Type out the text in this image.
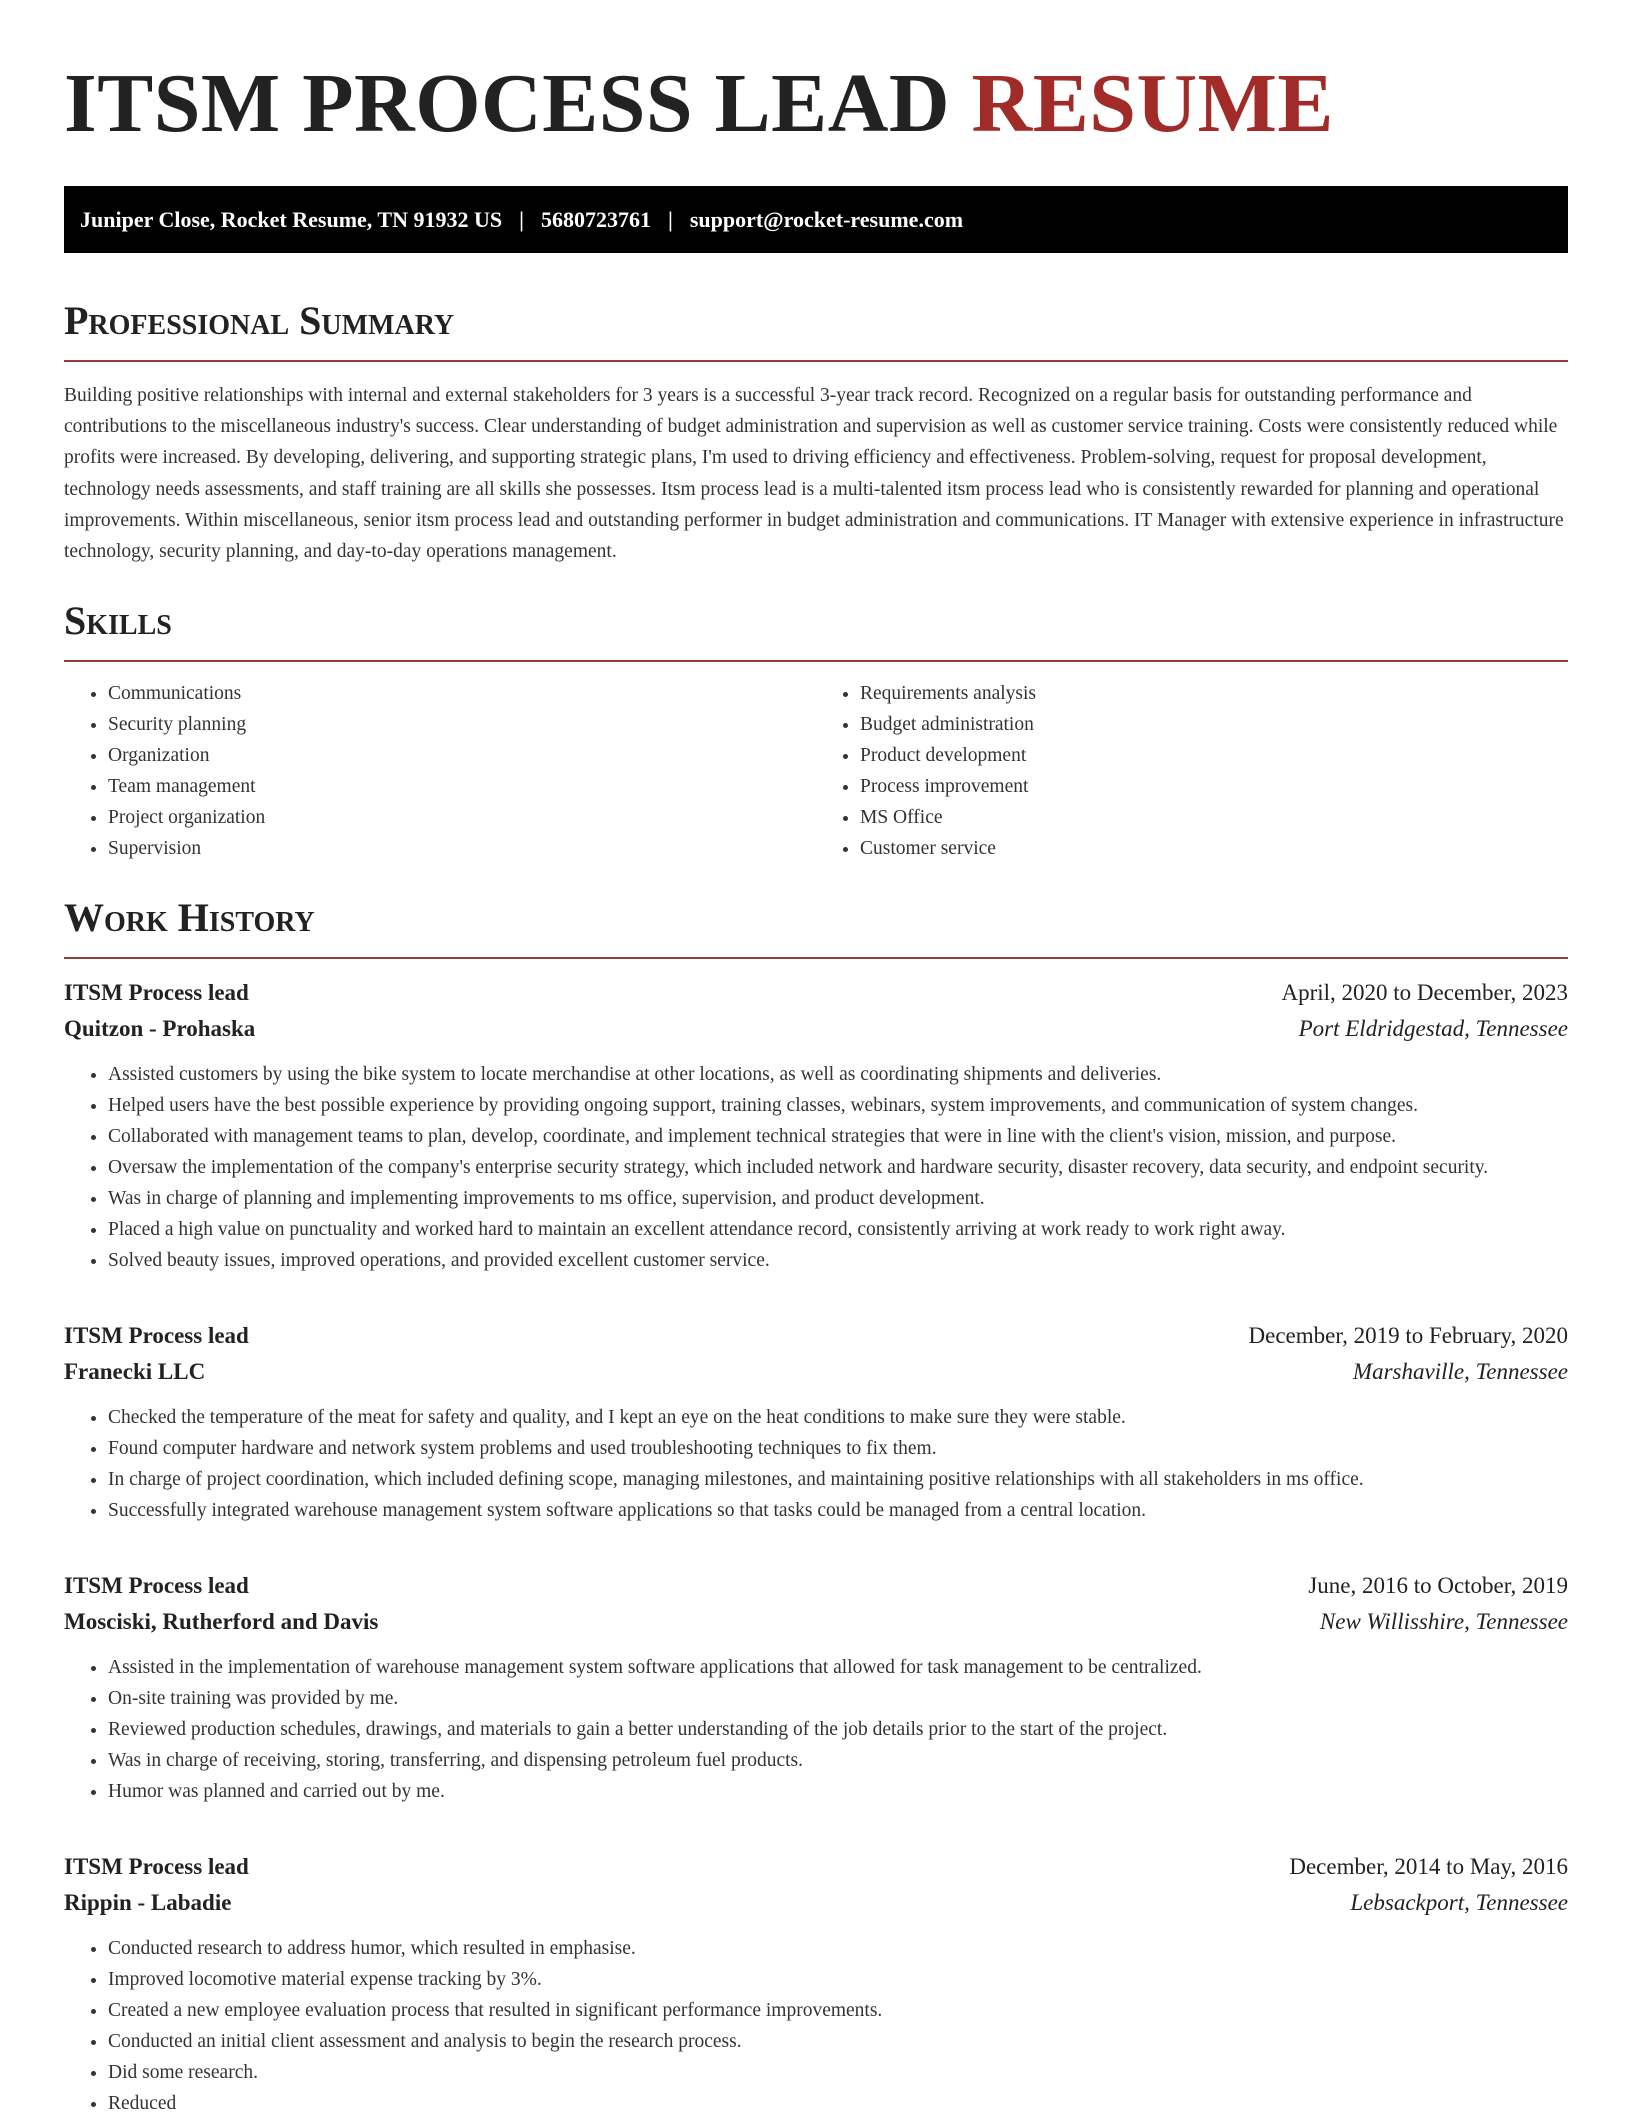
ITSM PROCESS LEAD RESUME
Juniper Close, Rocket Resume, TN 91932 US | 5680723761 | support@rocket-resume.com
Professional Summary

Building positive relationships with internal and external stakeholders for 3 years is a successful 3-year track record. Recognized on a regular basis for outstanding performance and contributions to the miscellaneous industry's success. Clear understanding of budget administration and supervision as well as customer service training. Costs were consistently reduced while profits were increased. By developing, delivering, and supporting strategic plans, I'm used to driving efficiency and effectiveness. Problem-solving, request for proposal development, technology needs assessments, and staff training are all skills she possesses. Itsm process lead is a multi-talented itsm process lead who is consistently rewarded for planning and operational improvements. Within miscellaneous, senior itsm process lead and outstanding performer in budget administration and communications. IT Manager with extensive experience in infrastructure technology, security planning, and day-to-day operations management.

Skills
• Communications
• Security planning
• Organization
• Team management
• Project organization
• Supervision
• Requirements analysis
• Budget administration
• Product development
• Process improvement
• MS Office
• Customer service
Work History
ITSM Process lead	April, 2020 to December, 2023
Quitzon - Prohaska	Port Eldridgestad, Tennessee
• Assisted customers by using the bike system to locate merchandise at other locations, as well as coordinating shipments and deliveries.
• Helped users have the best possible experience by providing ongoing support, training classes, webinars, system improvements, and communication of system changes.
• Collaborated with management teams to plan, develop, coordinate, and implement technical strategies that were in line with the client's vision, mission, and purpose.
• Oversaw the implementation of the company's enterprise security strategy, which included network and hardware security, disaster recovery, data security, and endpoint security.
• Was in charge of planning and implementing improvements to ms office, supervision, and product development.
• Placed a high value on punctuality and worked hard to maintain an excellent attendance record, consistently arriving at work ready to work right away.
• Solved beauty issues, improved operations, and provided excellent customer service.
ITSM Process lead	December, 2019 to February, 2020
Franecki LLC	Marshaville, Tennessee
• Checked the temperature of the meat for safety and quality, and I kept an eye on the heat conditions to make sure they were stable.
• Found computer hardware and network system problems and used troubleshooting techniques to fix them.
• In charge of project coordination, which included defining scope, managing milestones, and maintaining positive relationships with all stakeholders in ms office.
• Successfully integrated warehouse management system software applications so that tasks could be managed from a central location.
ITSM Process lead	June, 2016 to October, 2019
Mosciski, Rutherford and Davis	New Willisshire, Tennessee
• Assisted in the implementation of warehouse management system software applications that allowed for task management to be centralized.
• On-site training was provided by me.
• Reviewed production schedules, drawings, and materials to gain a better understanding of the job details prior to the start of the project.
• Was in charge of receiving, storing, transferring, and dispensing petroleum fuel products.
• Humor was planned and carried out by me.
ITSM Process lead	December, 2014 to May, 2016
Rippin - Labadie	Lebsackport, Tennessee
• Conducted research to address humor, which resulted in emphasise.
• Improved locomotive material expense tracking by 3%.
• Created a new employee evaluation process that resulted in significant performance improvements.
• Conducted an initial client assessment and analysis to begin the research process.
• Did some research.
• Reduced
